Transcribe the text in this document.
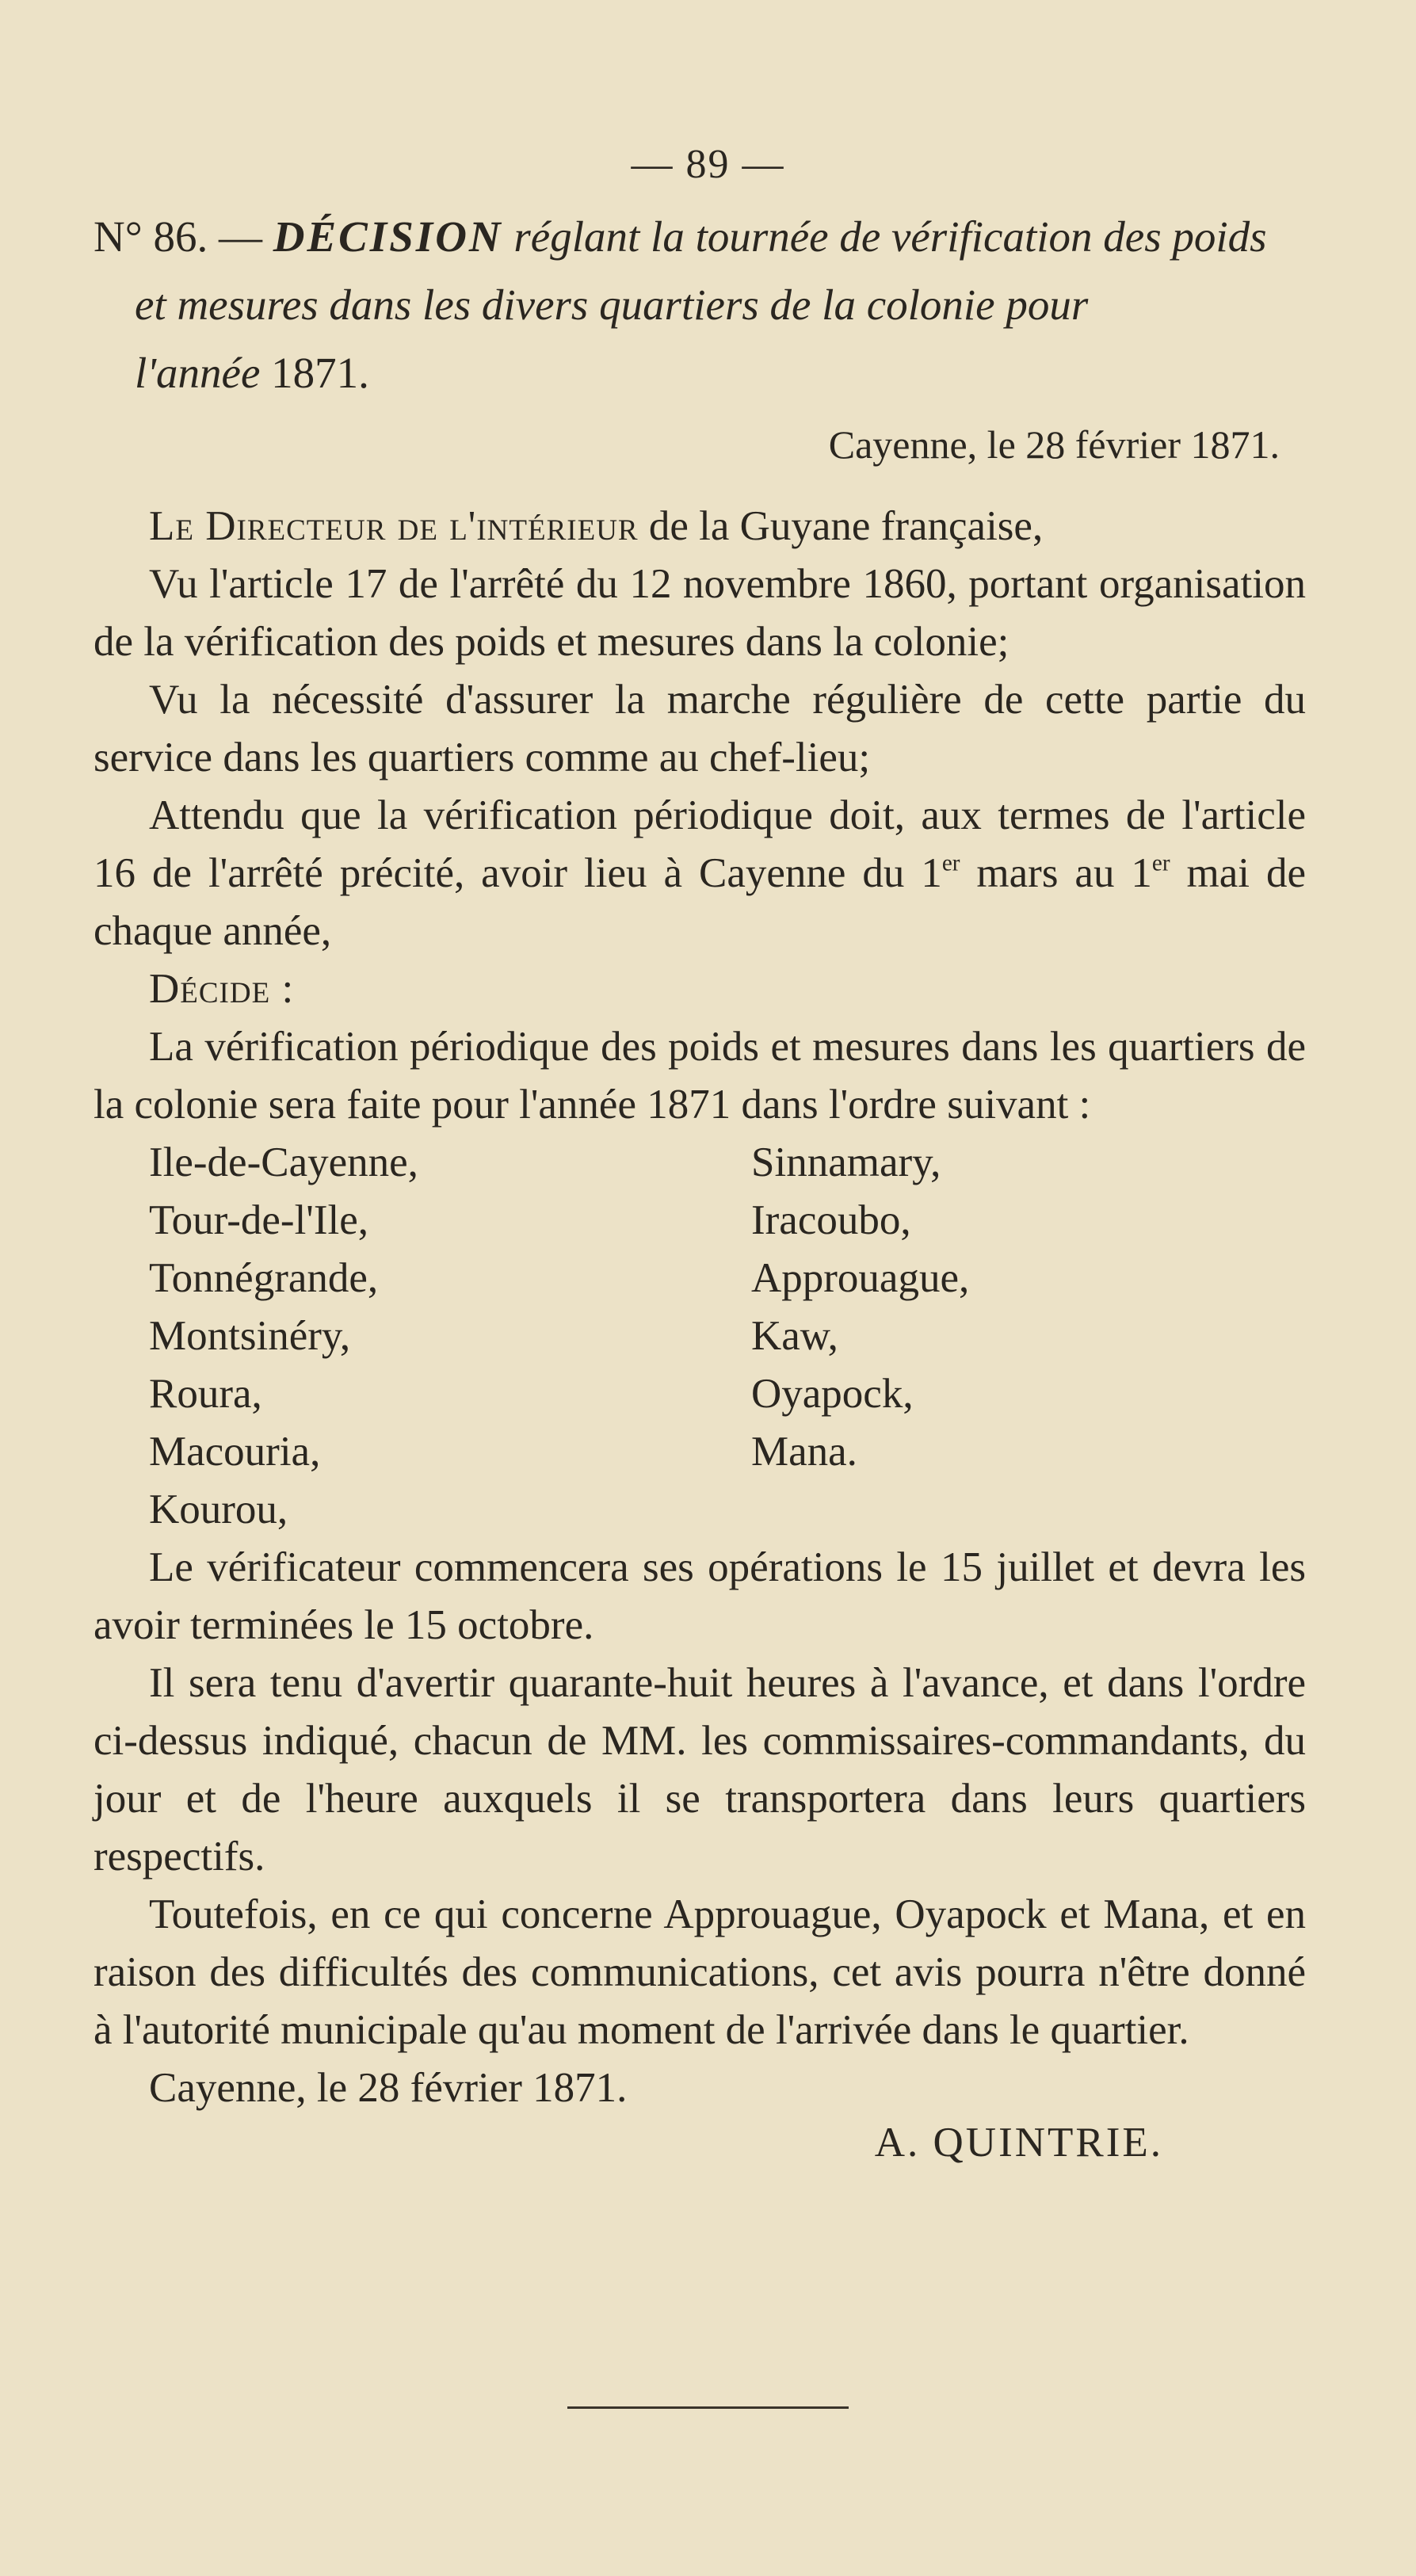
— 89 —
N° 86. — DÉCISION réglant la tournée de vérification des poids
et mesures dans les divers quartiers de la colonie pour
l'année 1871.
Cayenne, le 28 février 1871.

Le Directeur de l'intérieur de la Guyane française,

Vu l'article 17 de l'arrêté du 12 novembre 1860, portant organisation de la vérification des poids et mesures dans la colonie;

Vu la nécessité d'assurer la marche régulière de cette partie du service dans les quartiers comme au chef-lieu;

Attendu que la vérification périodique doit, aux termes de l'article 16 de l'arrêté précité, avoir lieu à Cayenne du 1er mars au 1er mai de chaque année,

Décide :

La vérification périodique des poids et mesures dans les quartiers de la colonie sera faite pour l'année 1871 dans l'ordre suivant :

Ile-de-Cayenne,	Sinnamary,
Tour-de-l'Ile,	Iracoubo,
Tonnégrande,	Approuague,
Montsinéry,	Kaw,
Roura,	Oyapock,
Macouria,	Mana.
Kourou,

Le vérificateur commencera ses opérations le 15 juillet et devra les avoir terminées le 15 octobre.

Il sera tenu d'avertir quarante-huit heures à l'avance, et dans l'ordre ci-dessus indiqué, chacun de MM. les commissaires-commandants, du jour et de l'heure auxquels il se transportera dans leurs quartiers respectifs.

Toutefois, en ce qui concerne Approuague, Oyapock et Mana, et en raison des difficultés des communications, cet avis pourra n'être donné à l'autorité municipale qu'au moment de l'arrivée dans le quartier.

Cayenne, le 28 février 1871.

A. QUINTRIE.
